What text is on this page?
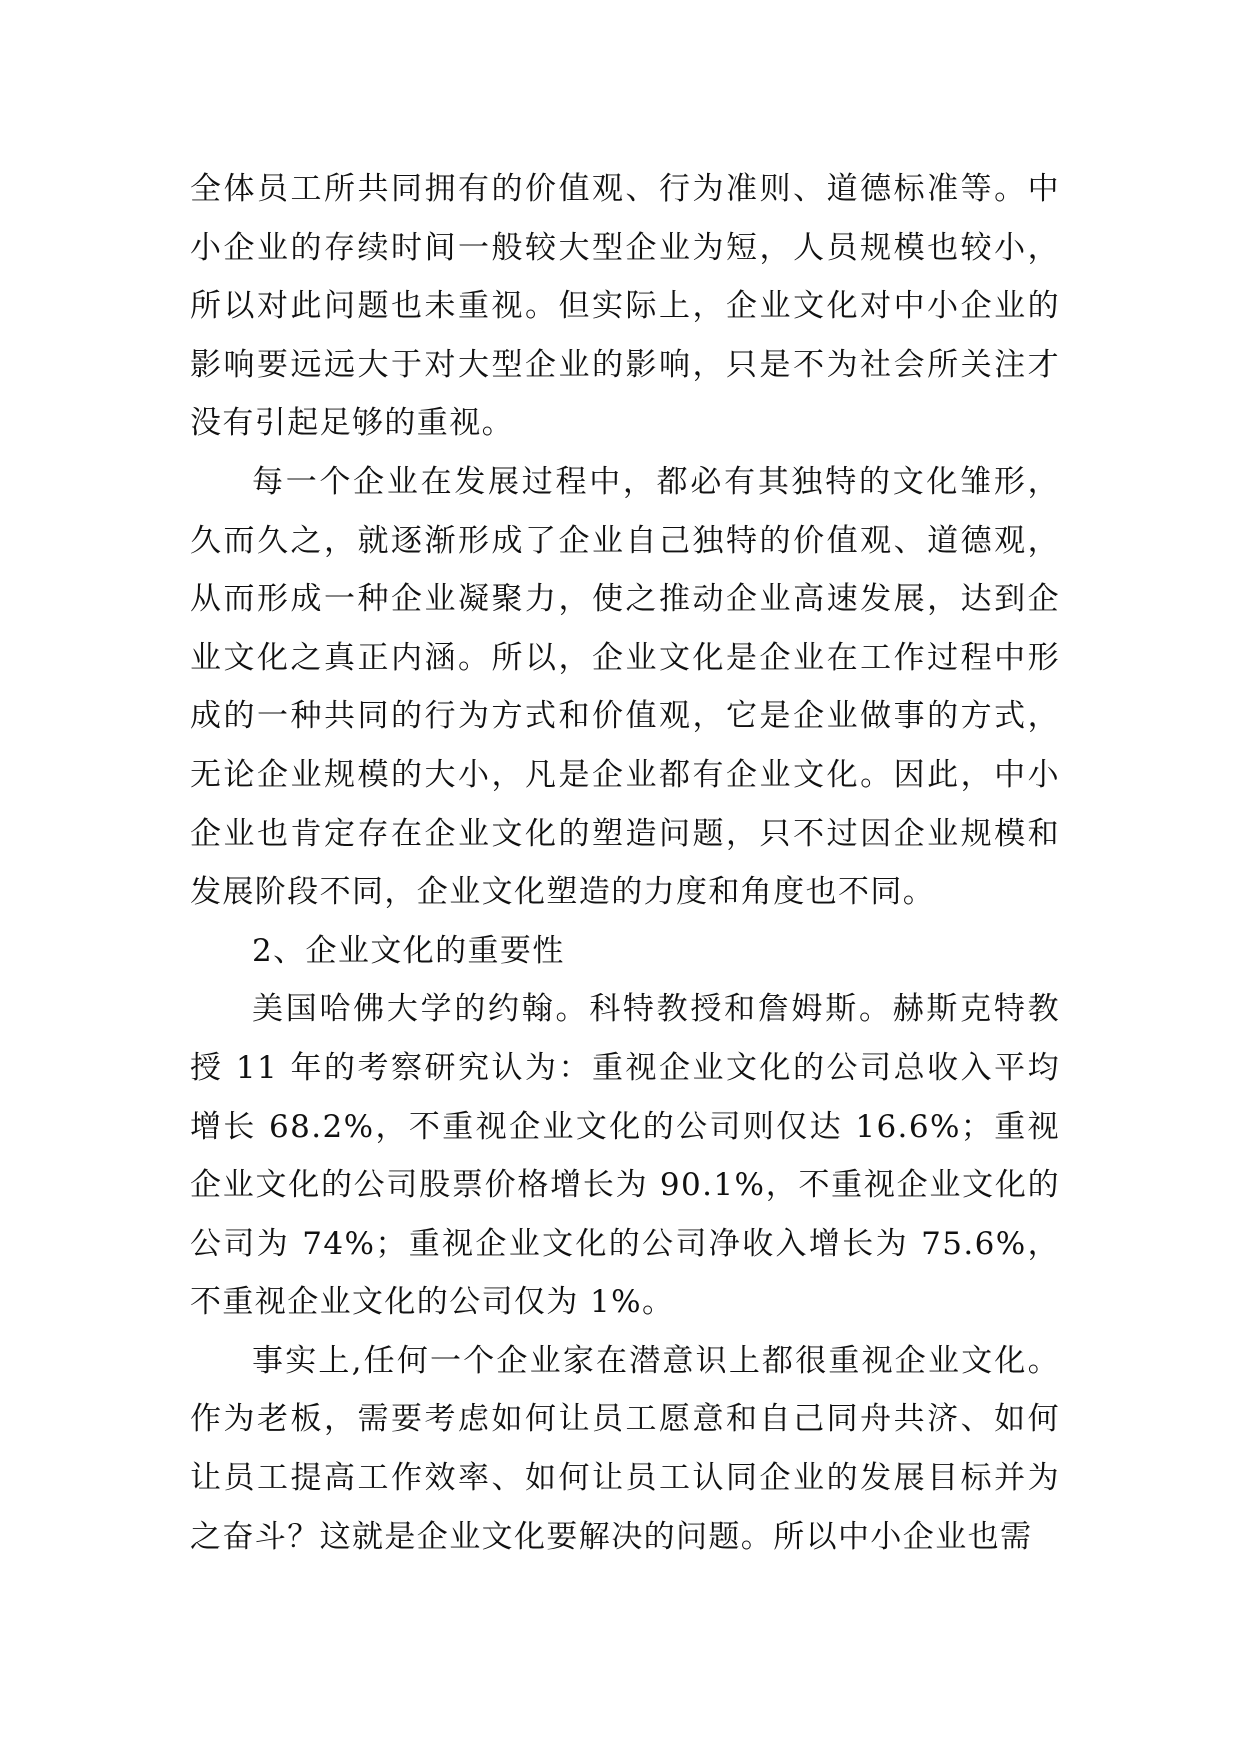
全体员工所共同拥有的价值观、行为准则、道德标准等。中小企业的存续时间一般较大型企业为短，人员规模也较小，所以对此问题也未重视。但实际上，企业文化对中小企业的影响要远远大于对大型企业的影响，只是不为社会所关注才没有引起足够的重视。

每一个企业在发展过程中，都必有其独特的文化雏形，久而久之，就逐渐形成了企业自己独特的价值观、道德观，从而形成一种企业凝聚力，使之推动企业高速发展，达到企业文化之真正内涵。所以，企业文化是企业在工作过程中形成的一种共同的行为方式和价值观，它是企业做事的方式，无论企业规模的大小，凡是企业都有企业文化。因此，中小企业也肯定存在企业文化的塑造问题，只不过因企业规模和发展阶段不同，企业文化塑造的力度和角度也不同。

2、企业文化的重要性

美国哈佛大学的约翰。科特教授和詹姆斯。赫斯克特教授 11 年的考察研究认为：重视企业文化的公司总收入平均增长 68.2%，不重视企业文化的公司则仅达 16.6%；重视企业文化的公司股票价格增长为 90.1%，不重视企业文化的公司为 74%；重视企业文化的公司净收入增长为 75.6%，不重视企业文化的公司仅为 1%。

事实上,任何一个企业家在潜意识上都很重视企业文化。作为老板，需要考虑如何让员工愿意和自己同舟共济、如何让员工提高工作效率、如何让员工认同企业的发展目标并为之奋斗？这就是企业文化要解决的问题。所以中小企业也需
